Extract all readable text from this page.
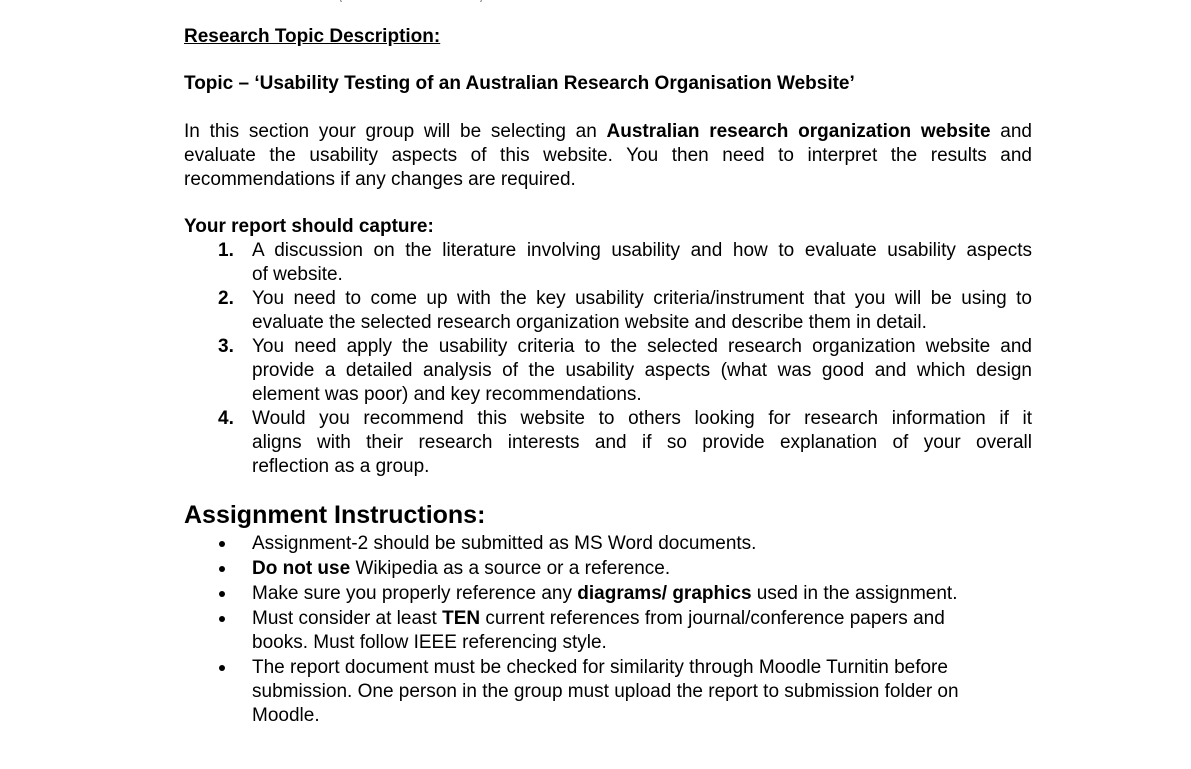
Research Topic Description:
Topic – ‘Usability Testing of an Australian Research Organisation Website’
In this section your group will be selecting an Australian research organization website and
evaluate the usability aspects of this website. You then need to interpret the results and
recommendations if any changes are required.
Your report should capture:
1. A discussion on the literature involving usability and how to evaluate usability aspects
of website.
2. You need to come up with the key usability criteria/instrument that you will be using to
evaluate the selected research organization website and describe them in detail.
3. You need apply the usability criteria to the selected research organization website and
provide a detailed analysis of the usability aspects (what was good and which design
element was poor) and key recommendations.
4. Would you recommend this website to others looking for research information if it
aligns with their research interests and if so provide explanation of your overall
reflection as a group.
Assignment Instructions:
Assignment-2 should be submitted as MS Word documents.
Do not use Wikipedia as a source or a reference.
Make sure you properly reference any diagrams/ graphics used in the assignment.
Must consider at least TEN current references from journal/conference papers and
books. Must follow IEEE referencing style.
The report document must be checked for similarity through Moodle Turnitin before
submission. One person in the group must upload the report to submission folder on
Moodle.
